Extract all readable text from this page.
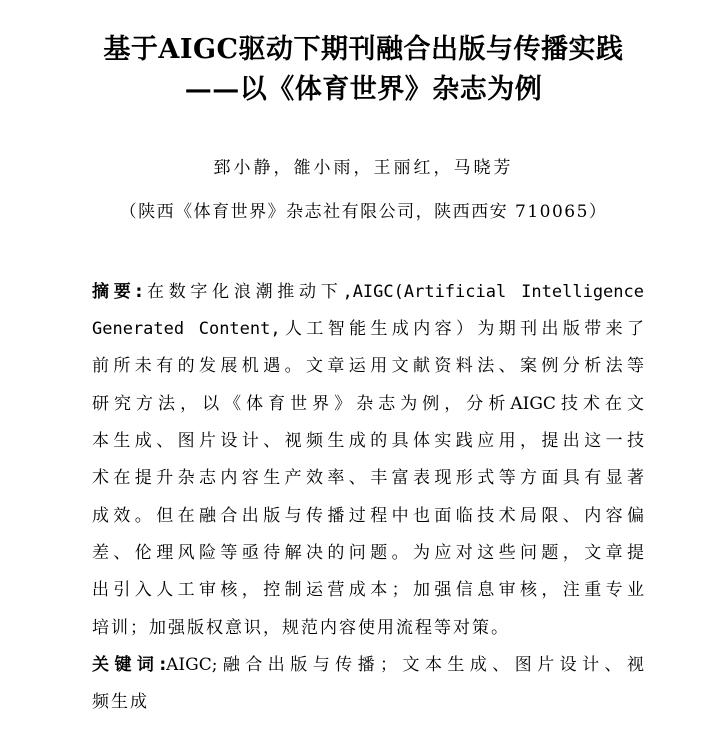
基于AIGC驱动下期刊融合出版与传播实践
——以《体育世界》杂志为例
郅小静，雒小雨，王丽红，马晓芳
（陕西《体育世界》杂志社有限公司，陕西西安 710065）
摘要:在数字化浪潮推动下,AIGC(Artificial Intelligence
Generated Content,人工智能生成内容）为期刊出版带来了
前所未有的发展机遇。文章运用文献资料法、案例分析法等
研究方法，以《体育世界》杂志为例，分析AIGC技术在文
本生成、图片设计、视频生成的具体实践应用，提出这一技
术在提升杂志内容生产效率、丰富表现形式等方面具有显著
成效。但在融合出版与传播过程中也面临技术局限、内容偏
差、伦理风险等亟待解决的问题。为应对这些问题，文章提
出引入人工审核，控制运营成本；加强信息审核，注重专业
培训；加强版权意识，规范内容使用流程等对策。
关键词:AIGC;融合出版与传播；文本生成、图片设计、视
频生成
